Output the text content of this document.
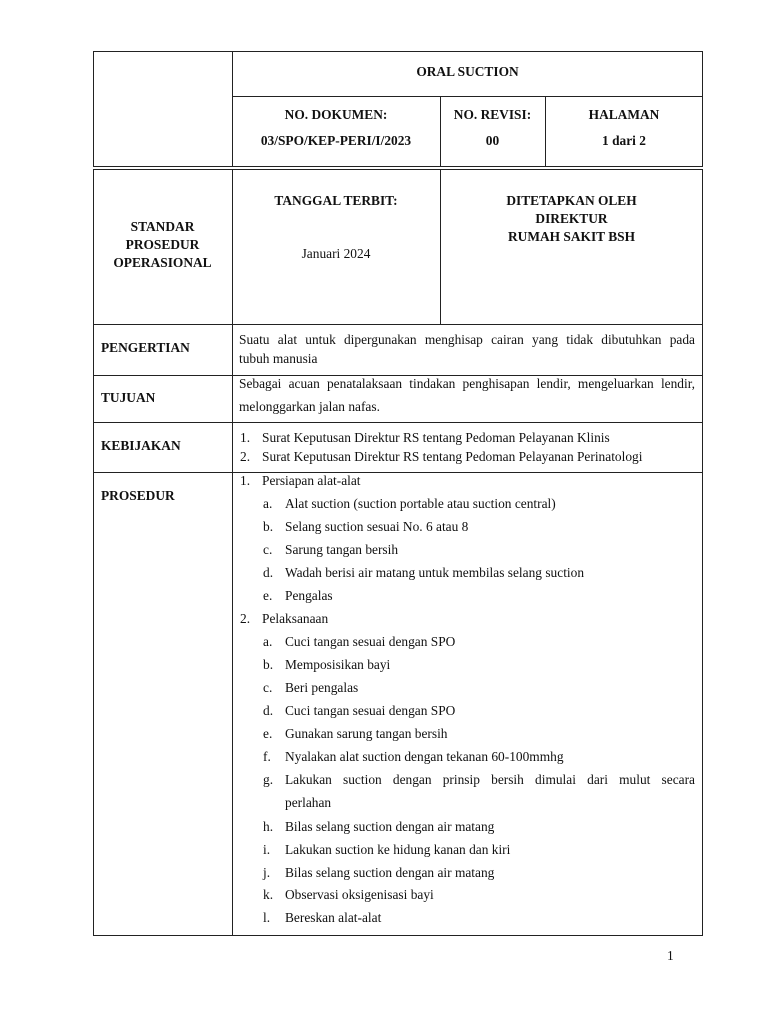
ORAL SUCTION
NO. DOKUMEN:
03/SPO/KEP-PERI/I/2023
NO. REVISI:
00
HALAMAN
1 dari 2
STANDAR
PROSEDUR
OPERASIONAL
TANGGAL TERBIT:
Januari 2024
DITETAPKAN OLEH
DIREKTUR
RUMAH SAKIT BSH
PENGERTIAN
Suatu alat untuk dipergunakan menghisap cairan yang tidak dibutuhkan pada
tubuh manusia
TUJUAN
Sebagai acuan penatalaksaan tindakan penghisapan lendir, mengeluarkan lendir,
melonggarkan jalan nafas.
KEBIJAKAN
1. Surat Keputusan Direktur RS tentang Pedoman Pelayanan Klinis
2. Surat Keputusan Direktur RS tentang Pedoman Pelayanan Perinatologi
PROSEDUR
1. Persiapan alat-alat
a. Alat suction (suction portable atau suction central)
b. Selang suction sesuai No. 6 atau 8
c. Sarung tangan bersih
d. Wadah berisi air matang untuk membilas selang suction
e. Pengalas
2. Pelaksanaan
a. Cuci tangan sesuai dengan SPO
b. Memposisikan bayi
c. Beri pengalas
d. Cuci tangan sesuai dengan SPO
e. Gunakan sarung tangan bersih
f. Nyalakan alat suction dengan tekanan 60-100mmhg
g. Lakukan suction dengan prinsip bersih dimulai dari mulut secara
perlahan
h. Bilas selang suction dengan air matang
i. Lakukan suction ke hidung kanan dan kiri
j. Bilas selang suction dengan air matang
k. Observasi oksigenisasi bayi
l. Bereskan alat-alat
1
